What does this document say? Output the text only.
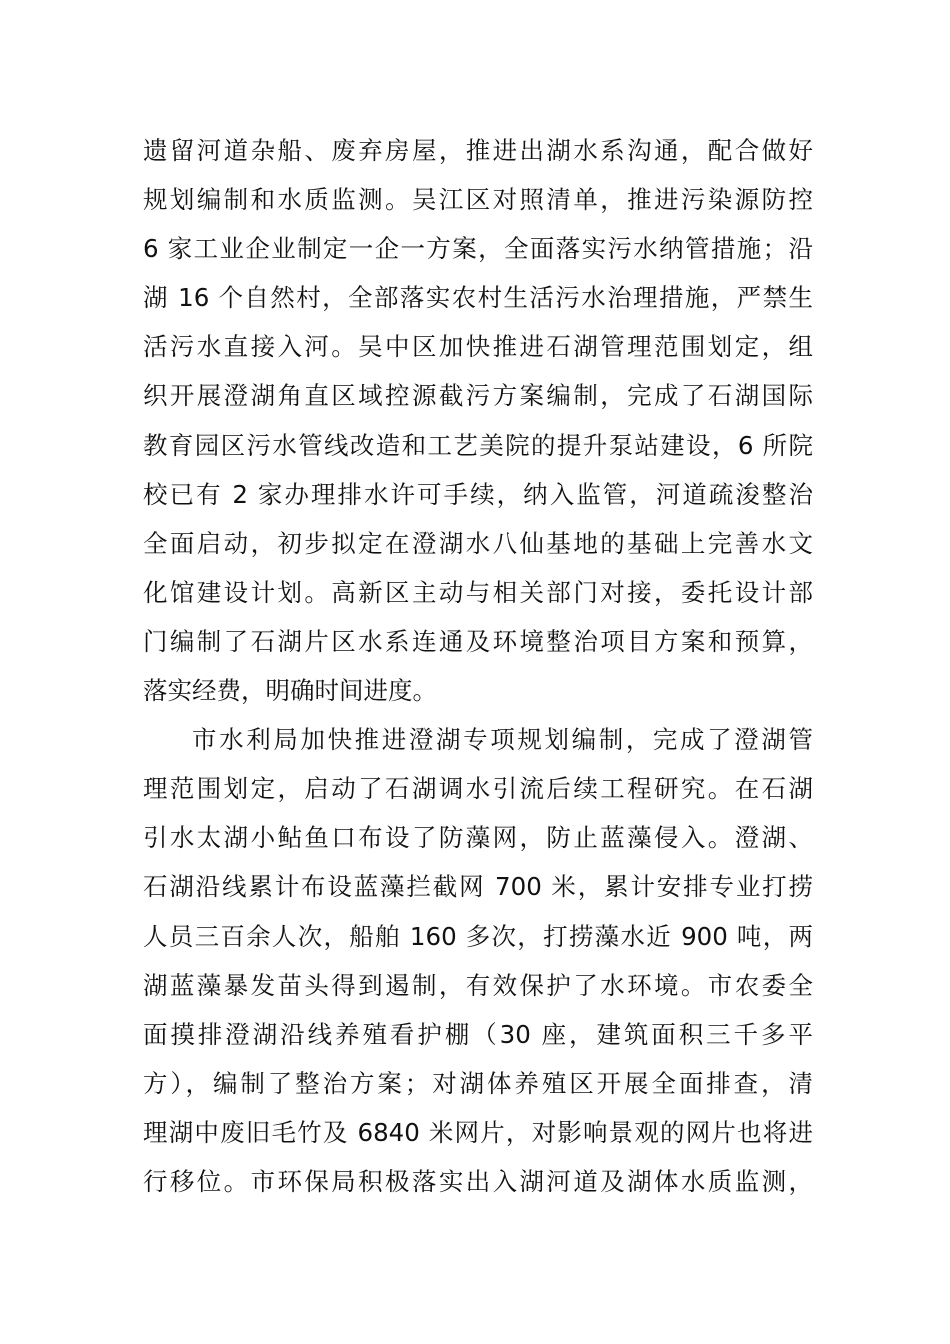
遗留河道杂船、废弃房屋，推进出湖水系沟通，配合做好
规划编制和水质监测。吴江区对照清单，推进污染源防控
6 家工业企业制定一企一方案，全面落实污水纳管措施；沿
湖 16 个自然村，全部落实农村生活污水治理措施，严禁生
活污水直接入河。吴中区加快推进石湖管理范围划定，组
织开展澄湖角直区域控源截污方案编制，完成了石湖国际
教育园区污水管线改造和工艺美院的提升泵站建设，6 所院
校已有 2 家办理排水许可手续，纳入监管，河道疏浚整治
全面启动，初步拟定在澄湖水八仙基地的基础上完善水文
化馆建设计划。高新区主动与相关部门对接，委托设计部
门编制了石湖片区水系连通及环境整治项目方案和预算，
落实经费，明确时间进度。
市水利局加快推进澄湖专项规划编制，完成了澄湖管
理范围划定，启动了石湖调水引流后续工程研究。在石湖
引水太湖小鲇鱼口布设了防藻网，防止蓝藻侵入。澄湖、
石湖沿线累计布设蓝藻拦截网 700 米，累计安排专业打捞
人员三百余人次，船舶 160 多次，打捞藻水近 900 吨，两
湖蓝藻暴发苗头得到遏制，有效保护了水环境。市农委全
面摸排澄湖沿线养殖看护棚（30 座，建筑面积三千多平
方），编制了整治方案；对湖体养殖区开展全面排查，清
理湖中废旧毛竹及 6840 米网片，对影响景观的网片也将进
行移位。市环保局积极落实出入湖河道及湖体水质监测，
